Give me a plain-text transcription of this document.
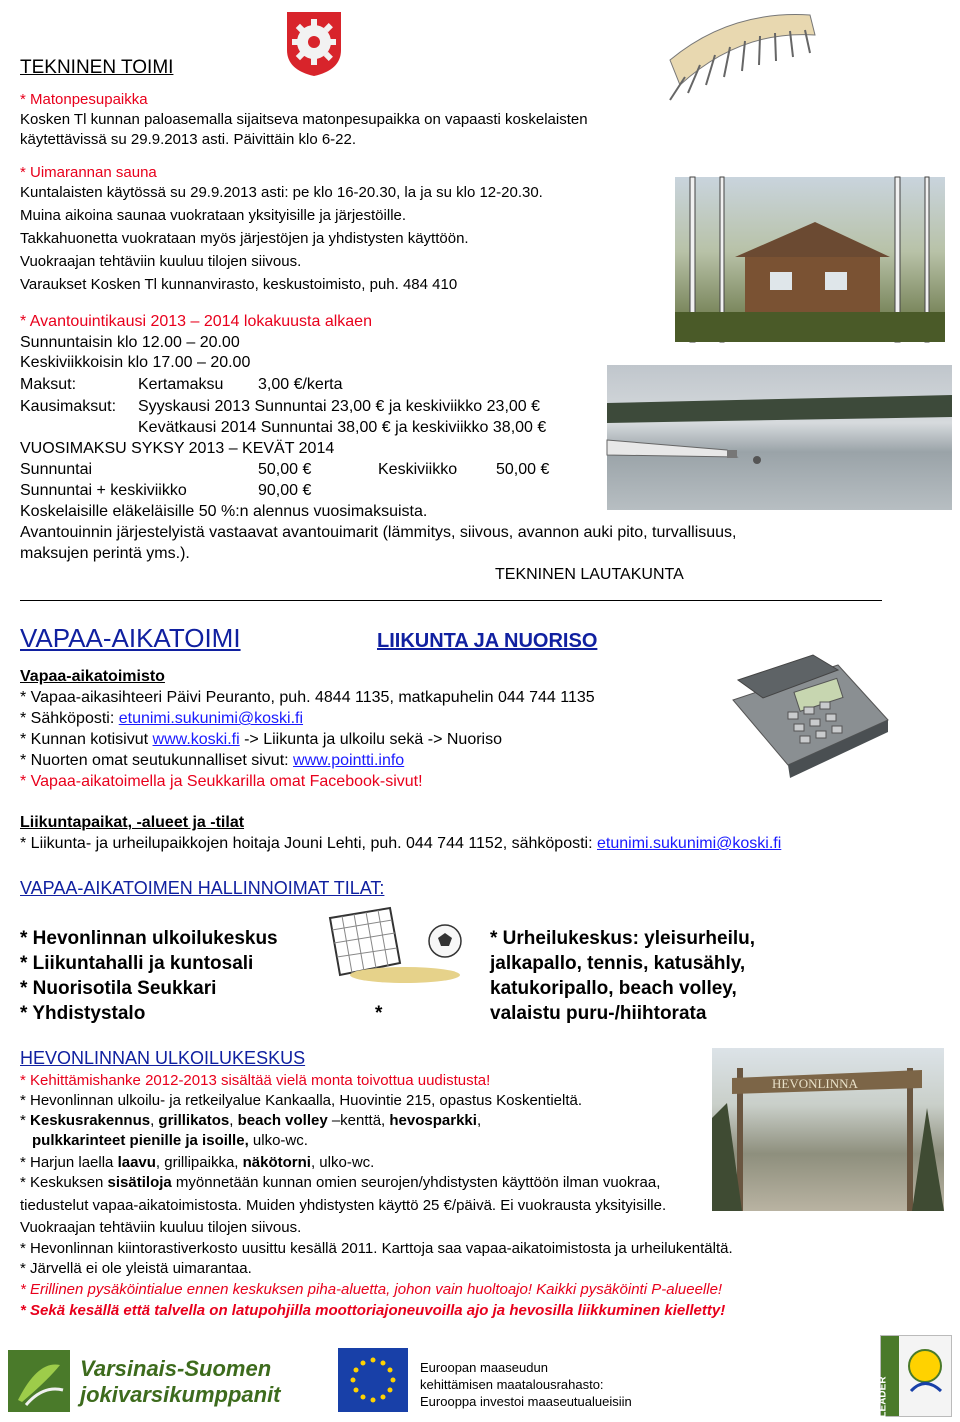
HEVONLINNA
Varsinais-Suomen
jokivarsikumppanit
Euroopan maaseudun
kehittämisen maatalousrahasto:
Eurooppa investoi maaseutualueisiin	LEADER
TEKNINEN TOIMI
* Matonpesupaikka
Kosken Tl kunnan paloasemalla sijaitseva matonpesupaikka on vapaasti koskelaisten
käytettävissä su 29.9.2013 asti. Päivittäin klo 6-22.
* Uimarannan sauna
Kuntalaisten käytössä su 29.9.2013 asti: pe klo 16-20.30, la ja su klo 12-20.30.
Muina aikoina saunaa vuokrataan yksityisille ja järjestöille.
Takkahuonetta vuokrataan myös järjestöjen ja yhdistysten käyttöön.
Vuokraajan tehtäviin kuuluu tilojen siivous.
Varaukset Kosken Tl kunnanvirasto, keskustoimisto, puh. 484 410
* Avantouintikausi 2013 – 2014 lokakuusta alkaen
Sunnuntaisin klo 12.00 – 20.00
Keskiviikkoisin klo 17.00 – 20.00
Maksut:	Kertamaksu 3,00 €/kerta
Kausimaksut: Syyskausi 2013 Sunnuntai 23,00 € ja keskiviikko 23,00 €
Kevätkausi 2014 Sunnuntai 38,00 € ja keskiviikko 38,00 €
VUOSIMAKSU SYKSY 2013 – KEVÄT 2014
Sunnuntai	50,00 €	Keskiviikko 50,00 €
Sunnuntai + keskiviikko	90,00 €
Koskelaisille eläkeläisille 50 %:n alennus vuosimaksuista.
Avantouinnin järjestelyistä vastaavat avantouimarit (lämmitys, siivous, avannon auki pito, turvallisuus,
maksujen perintä yms.).
TEKNINEN LAUTAKUNTA
VAPAA-AIKATOIMI	LIIKUNTA JA NUORISO
Vapaa-aikatoimisto
* Vapaa-aikasihteeri Päivi Peuranto, puh. 4844 1135, matkapuhelin 044 744 1135
* Sähköposti: etunimi.sukunimi@koski.fi
* Kunnan kotisivut www.koski.fi -> Liikunta ja ulkoilu sekä -> Nuoriso
* Nuorten omat seutukunnalliset sivut: www.pointti.info
* Vapaa-aikatoimella ja Seukkarilla omat Facebook-sivut!
Liikuntapaikat, -alueet ja -tilat
* Liikunta- ja urheilupaikkojen hoitaja Jouni Lehti, puh. 044 744 1152, sähköposti: etunimi.sukunimi@koski.fi
VAPAA-AIKATOIMEN HALLINNOIMAT TILAT:
* Hevonlinnan ulkoilukeskus
* Liikuntahalli ja kuntosali
* Nuorisotila Seukkari
* Yhdistystalo	*
* Urheilukeskus: yleisurheilu,
jalkapallo, tennis, katusähly,
katukoripallo, beach volley,
valaistu puru-/hiihtorata
HEVONLINNAN ULKOILUKESKUS
* Kehittämishanke 2012-2013 sisältää vielä monta toivottua uudistusta!
* Hevonlinnan ulkoilu- ja retkeilyalue Kankaalla, Huovintie 215, opastus Koskentieltä.
* Keskusrakennus, grillikatos, beach volley –kenttä, hevosparkki,
pulkkarinteet pienille ja isoille, ulko-wc.
* Harjun laella laavu, grillipaikka, näkötorni, ulko-wc.
* Keskuksen sisätiloja myönnetään kunnan omien seurojen/yhdistysten käyttöön ilman vuokraa,
tiedustelut vapaa-aikatoimistosta. Muiden yhdistysten käyttö 25 €/päivä. Ei vuokrausta yksityisille.
Vuokraajan tehtäviin kuuluu tilojen siivous.
* Hevonlinnan kiintorastiverkosto uusittu kesällä 2011. Karttoja saa vapaa-aikatoimistosta ja urheilukentältä.
* Järvellä ei ole yleistä uimarantaa.
* Erillinen pysäköintialue ennen keskuksen piha-aluetta, johon vain huoltoajo! Kaikki pysäköinti P-alueelle!
* Sekä kesällä että talvella on latupohjilla moottoriajoneuvoilla ajo ja hevosilla liikkuminen kielletty!
